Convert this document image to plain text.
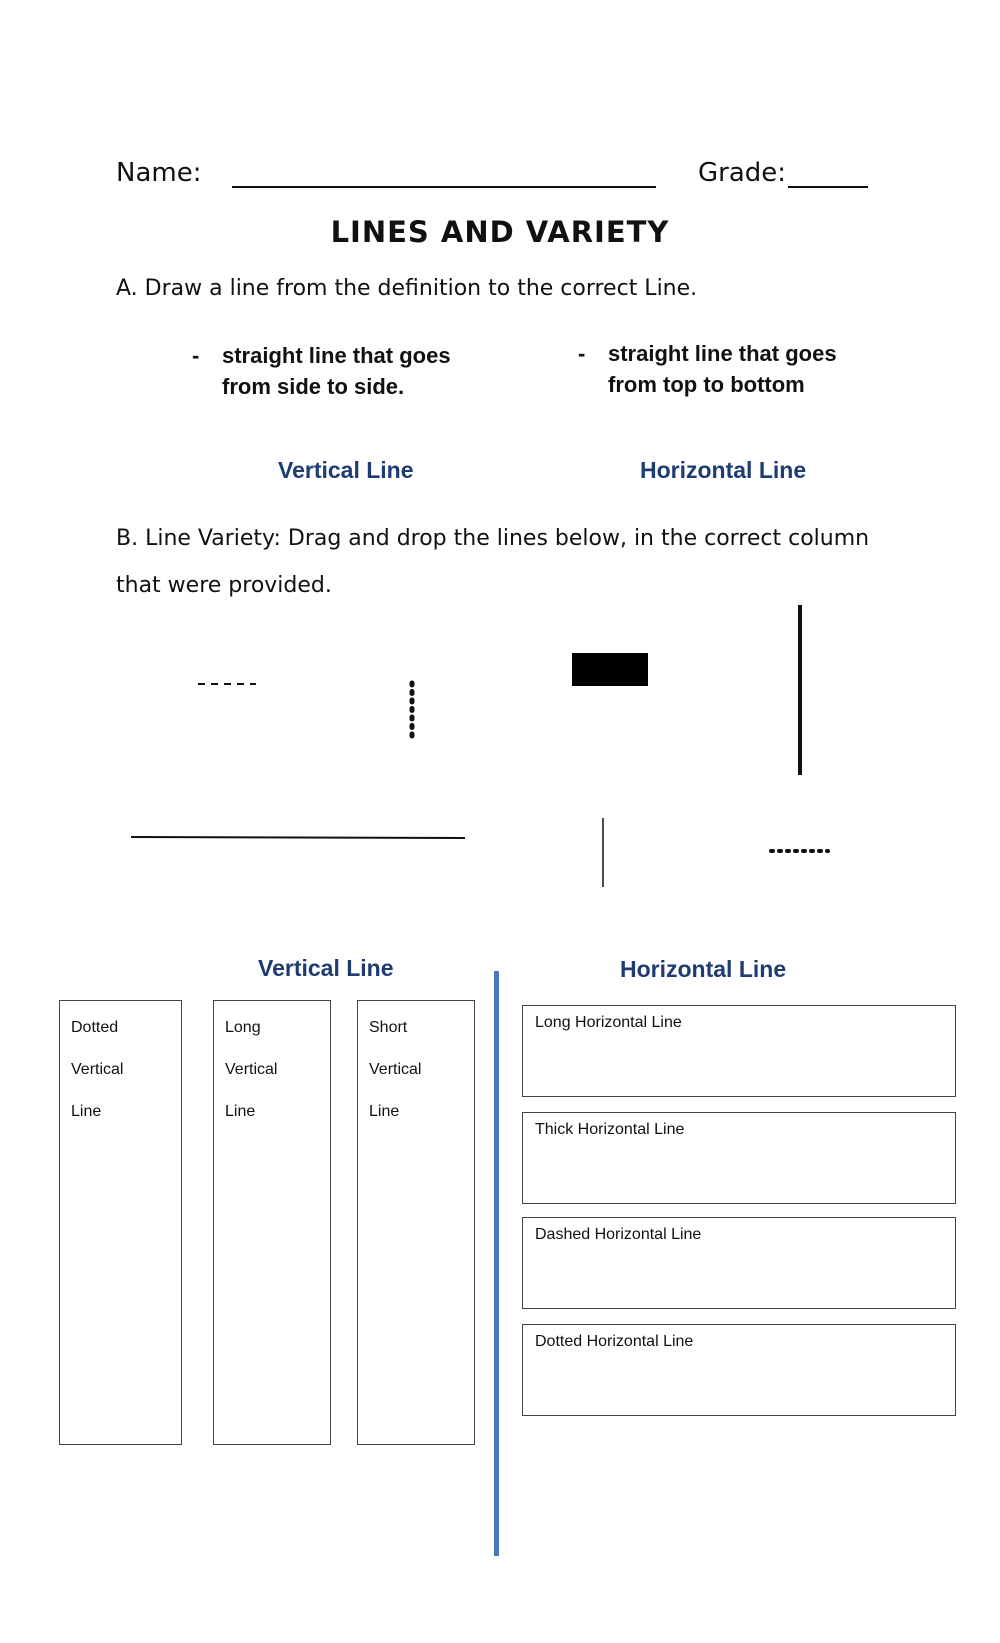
Name:	Grade:
LINES AND VARIETY
A. Draw a line from the definition to the correct Line.
- straight line that goes
from side to side.
- straight line that goes
from top to bottom
Vertical Line	Horizontal Line
B. Line Variety: Drag and drop the lines below, in the correct column
that were provided.
Vertical Line	Horizontal Line
Dotted
Vertical
Line
Long
Vertical
Line
Short
Vertical
Line
Long Horizontal Line
Thick Horizontal Line
Dashed Horizontal Line
Dotted Horizontal Line
